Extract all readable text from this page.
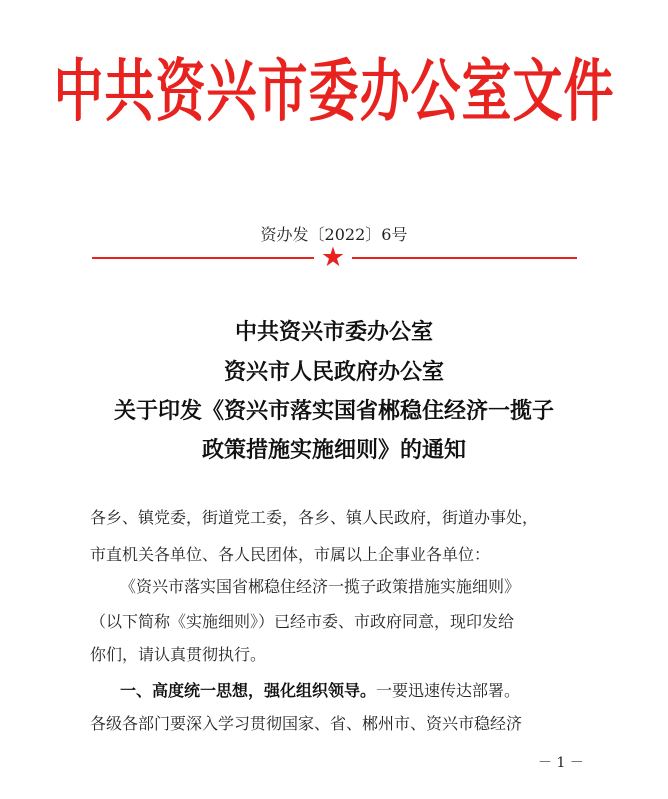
中共资兴市委办公室文件
资办发〔2022〕6号
★
中共资兴市委办公室
资兴市人民政府办公室
关于印发《资兴市落实国省郴稳住经济一揽子
政策措施实施细则》的通知
各乡、镇党委，街道党工委，各乡、镇人民政府，街道办事处，
市直机关各单位、各人民团体，市属以上企事业各单位：
《资兴市落实国省郴稳住经济一揽子政策措施实施细则》
（以下简称《实施细则》）已经市委、市政府同意，现印发给
你们，请认真贯彻执行。
一、高度统一思想，强化组织领导。一要迅速传达部署。
各级各部门要深入学习贯彻国家、省、郴州市、资兴市稳经济
－ 1 －
